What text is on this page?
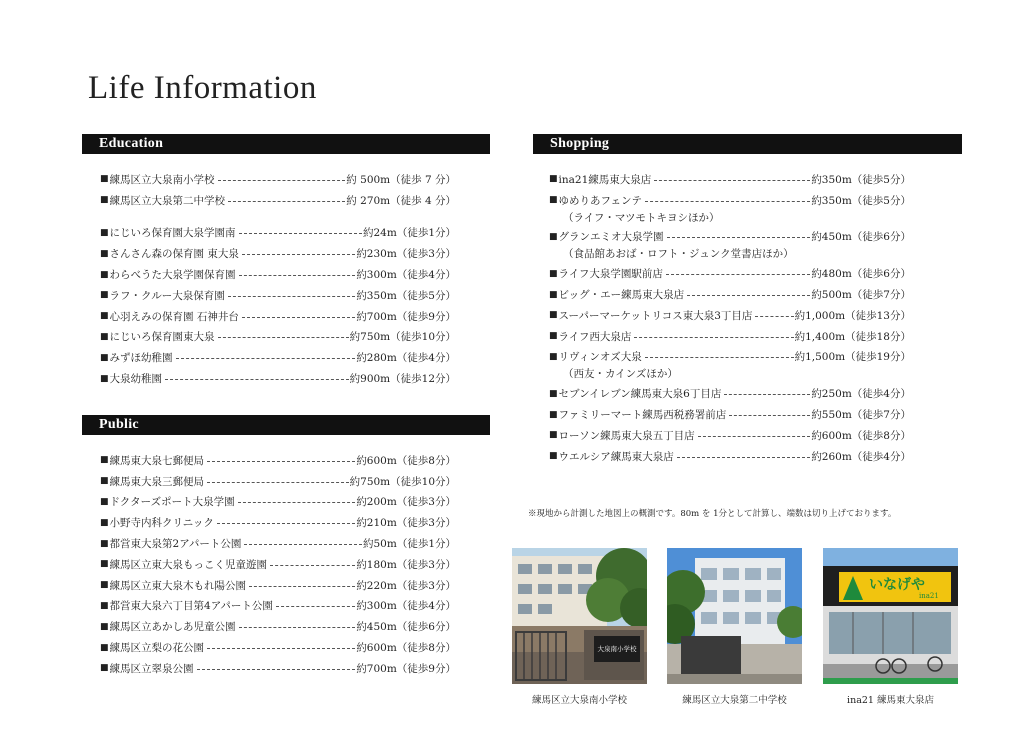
Life Information
Education
■ 練馬区立大泉南小学校	約 500m（徒歩 7 分）
■ 練馬区立大泉第二中学校	約 270m（徒歩 4 分）
■ にじいろ保育園大泉学園南	約24m（徒歩1分）
■ さんさん森の保育園 東大泉	約230m（徒歩3分）
■ わらべうた大泉学園保育園	約300m（徒歩4分）
■ ラフ・クルー大泉保育園	約350m（徒歩5分）
■ 心羽えみの保育園 石神井台	約700m（徒歩9分）
■ にじいろ保育園東大泉	約750m（徒歩10分）
■ みずほ幼稚園	約280m（徒歩4分）
■ 大泉幼稚園	約900m（徒歩12分）
Public
■ 練馬東大泉七郵便局	約600m（徒歩8分）
■ 練馬東大泉三郵便局	約750m（徒歩10分）
■ ドクターズポート大泉学園	約200m（徒歩3分）
■ 小野寺内科クリニック	約210m（徒歩3分）
■ 都営東大泉第2アパート公園	約50m（徒歩1分）
■ 練馬区立東大泉もっこく児童遊園	約180m（徒歩3分）
■ 練馬区立東大泉木もれ陽公園	約220m（徒歩3分）
■ 都営東大泉六丁目第4アパート公園	約300m（徒歩4分）
■ 練馬区立あかしあ児童公園	約450m（徒歩6分）
■ 練馬区立梨の花公園	約600m（徒歩8分）
■ 練馬区立翠泉公園	約700m（徒歩9分）
Shopping
■ ina21練馬東大泉店	約350m（徒歩5分）
■ ゆめりあフェンテ	約350m（徒歩5分）
（ライフ・マツモトキヨシほか）
■ グランエミオ大泉学園	約450m（徒歩6分）
（食品館あおば・ロフト・ジュンク堂書店ほか）
■ ライフ大泉学園駅前店	約480m（徒歩6分）
■ ビッグ・エー練馬東大泉店	約500m（徒歩7分）
■ スーパーマーケットリコス東大泉3丁目店	約1,000m（徒歩13分）
■ ライフ西大泉店	約1,400m（徒歩18分）
■ リヴィンオズ大泉	約1,500m（徒歩19分）
（西友・カインズほか）
■ セブンイレブン練馬東大泉6丁目店	約250m（徒歩4分）
■ ファミリーマート練馬西税務署前店	約550m（徒歩7分）
■ ローソン練馬東大泉五丁目店	約600m（徒歩8分）
■ ウエルシア練馬東大泉店	約260m（徒歩4分）

※現地から計測した地図上の概測です。80m を 1分として計算し、端数は切り上げております。

大泉南小学校
練馬区立大泉南小学校	練馬区立大泉第二中学校
いなげや
ina21
ina21 練馬東大泉店
